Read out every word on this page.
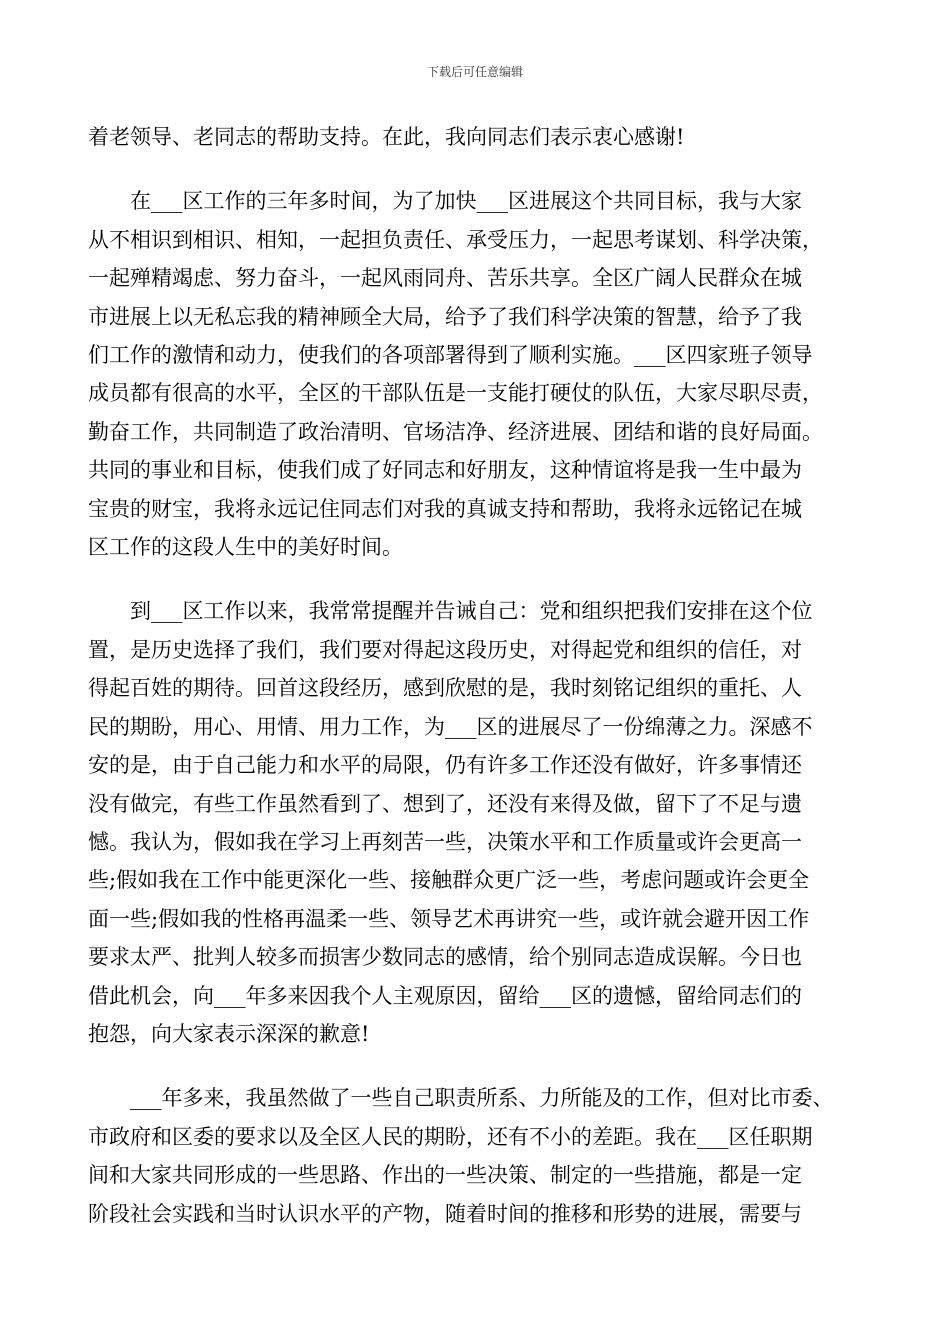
下载后可任意编辑

着老领导、老同志的帮助支持。在此，我向同志们表示衷心感谢!

在___区工作的三年多时间，为了加快___区进展这个共同目标，我与大家
从不相识到相识、相知，一起担负责任、承受压力，一起思考谋划、科学决策，
一起殚精竭虑、努力奋斗，一起风雨同舟、苦乐共享。全区广阔人民群众在城
市进展上以无私忘我的精神顾全大局，给予了我们科学决策的智慧，给予了我
们工作的激情和动力，使我们的各项部署得到了顺利实施。___区四家班子领导
成员都有很高的水平，全区的干部队伍是一支能打硬仗的队伍，大家尽职尽责，
勤奋工作，共同制造了政治清明、官场洁净、经济进展、团结和谐的良好局面。
共同的事业和目标，使我们成了好同志和好朋友，这种情谊将是我一生中最为
宝贵的财宝，我将永远记住同志们对我的真诚支持和帮助，我将永远铭记在城
区工作的这段人生中的美好时间。

到___区工作以来，我常常提醒并告诫自己：党和组织把我们安排在这个位
置，是历史选择了我们，我们要对得起这段历史，对得起党和组织的信任，对
得起百姓的期待。回首这段经历，感到欣慰的是，我时刻铭记组织的重托、人
民的期盼，用心、用情、用力工作，为___区的进展尽了一份绵薄之力。深感不
安的是，由于自己能力和水平的局限，仍有许多工作还没有做好，许多事情还
没有做完，有些工作虽然看到了、想到了，还没有来得及做，留下了不足与遗
憾。我认为，假如我在学习上再刻苦一些，决策水平和工作质量或许会更高一
些;假如我在工作中能更深化一些、接触群众更广泛一些，考虑问题或许会更全
面一些;假如我的性格再温柔一些、领导艺术再讲究一些，或许就会避开因工作
要求太严、批判人较多而损害少数同志的感情，给个别同志造成误解。今日也
借此机会，向___年多来因我个人主观原因，留给___区的遗憾，留给同志们的
抱怨，向大家表示深深的歉意!

___年多来，我虽然做了一些自己职责所系、力所能及的工作，但对比市委、
市政府和区委的要求以及全区人民的期盼，还有不小的差距。我在___区任职期
间和大家共同形成的一些思路、作出的一些决策、制定的一些措施，都是一定
阶段社会实践和当时认识水平的产物，随着时间的推移和形势的进展，需要与
